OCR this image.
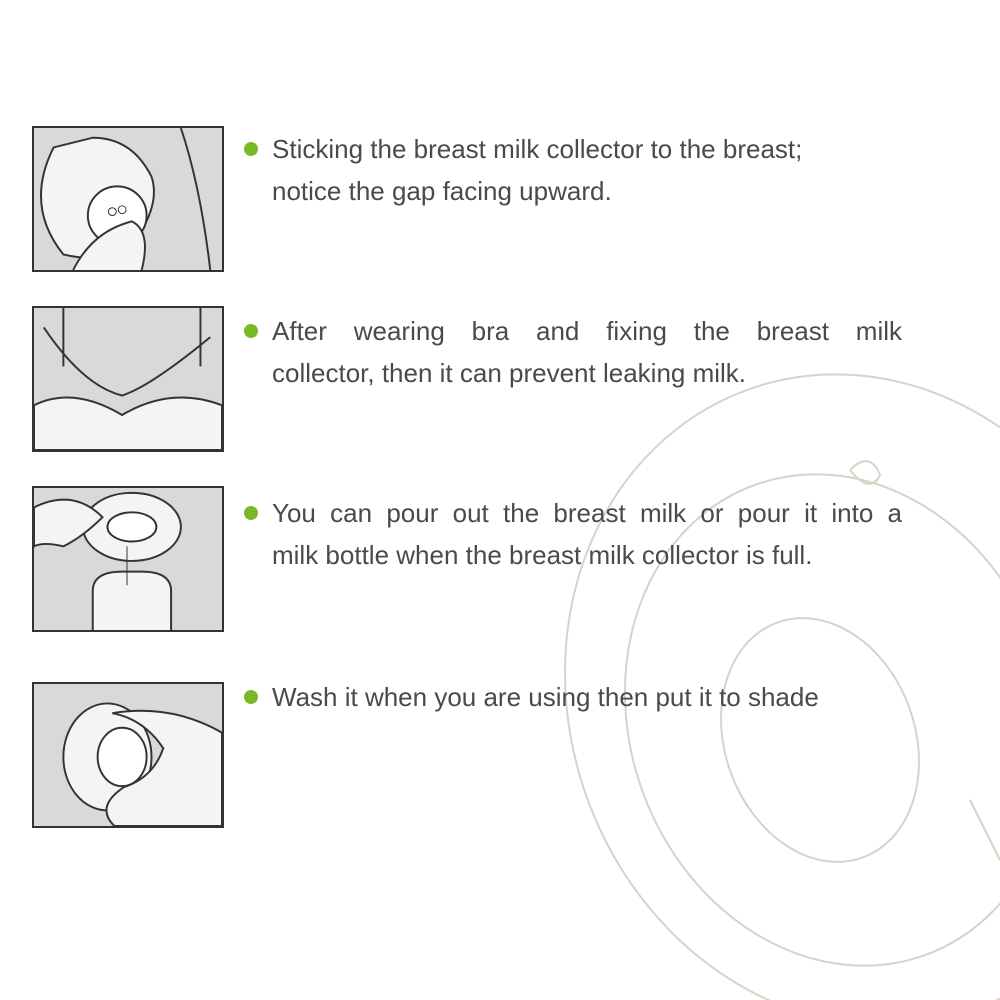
Sticking the breast milk collector to the breast;
notice the gap facing upward.
After wearing bra and fixing the breast milk
collector, then it can prevent leaking milk.
You can pour out the breast milk or pour it into a
milk bottle when the breast milk collector is full.
Wash it when you are using then put it to shade
